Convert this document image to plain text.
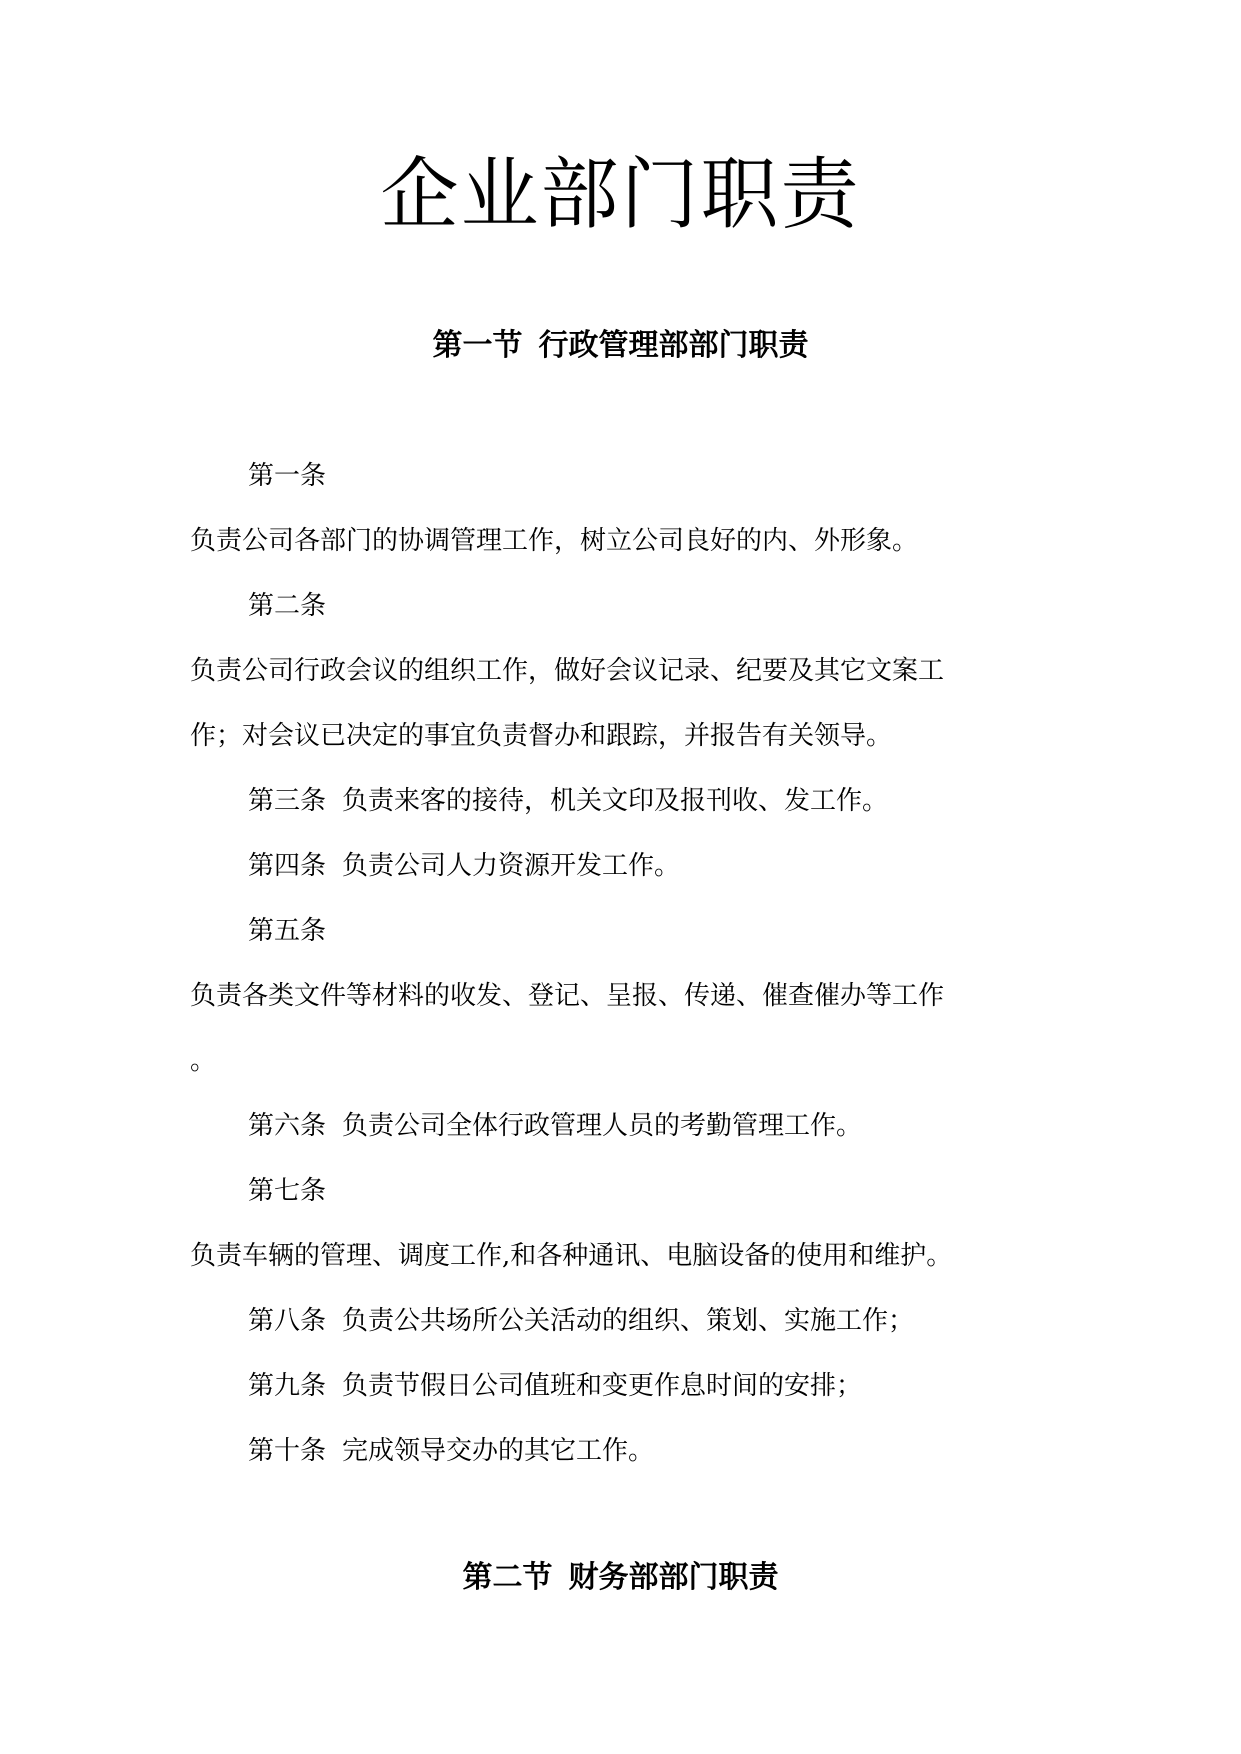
企业部门职责
第一节 行政管理部部门职责

第一条

负责公司各部门的协调管理工作，树立公司良好的内、外形象。

第二条

负责公司行政会议的组织工作，做好会议记录、纪要及其它文案工

作；对会议已决定的事宜负责督办和跟踪，并报告有关领导。

第三条 负责来客的接待，机关文印及报刊收、发工作。

第四条 负责公司人力资源开发工作。

第五条

负责各类文件等材料的收发、登记、呈报、传递、催查催办等工作

。

第六条 负责公司全体行政管理人员的考勤管理工作。

第七条

负责车辆的管理、调度工作,和各种通讯、电脑设备的使用和维护。

第八条 负责公共场所公关活动的组织、策划、实施工作；

第九条 负责节假日公司值班和变更作息时间的安排；

第十条 完成领导交办的其它工作。

第二节 财务部部门职责
